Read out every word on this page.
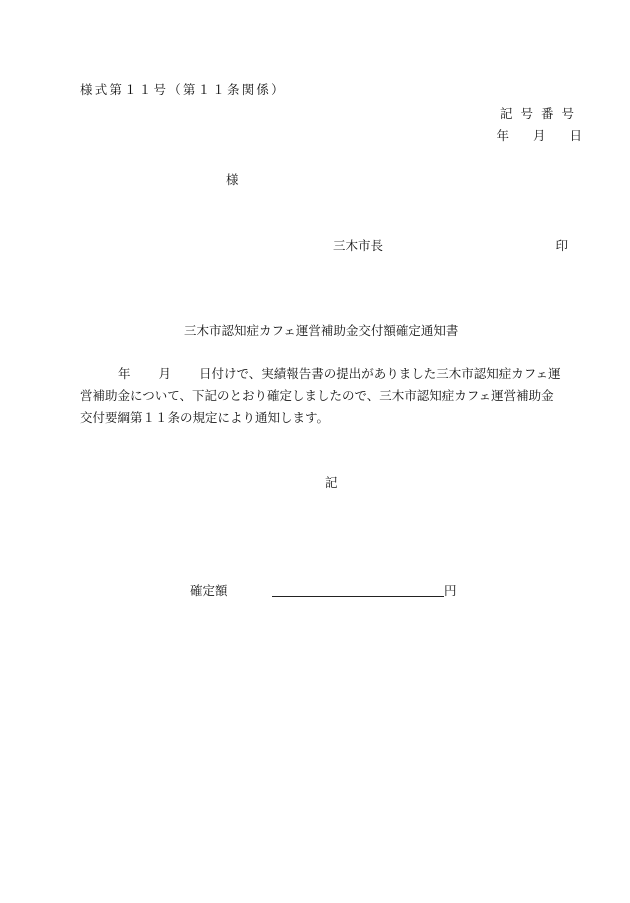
様式第１１号（第１１条関係）
記号番号
年 月 日
様
三木市長	印
三木市認知症カフェ運営補助金交付額確定通知書
年 月 日付けで、実績報告書の提出がありました三木市認知症カフェ運
営補助金について、下記のとおり確定しましたので、三木市認知症カフェ運営補助金
交付要綱第１１条の規定により通知します。
記
確定額	円
